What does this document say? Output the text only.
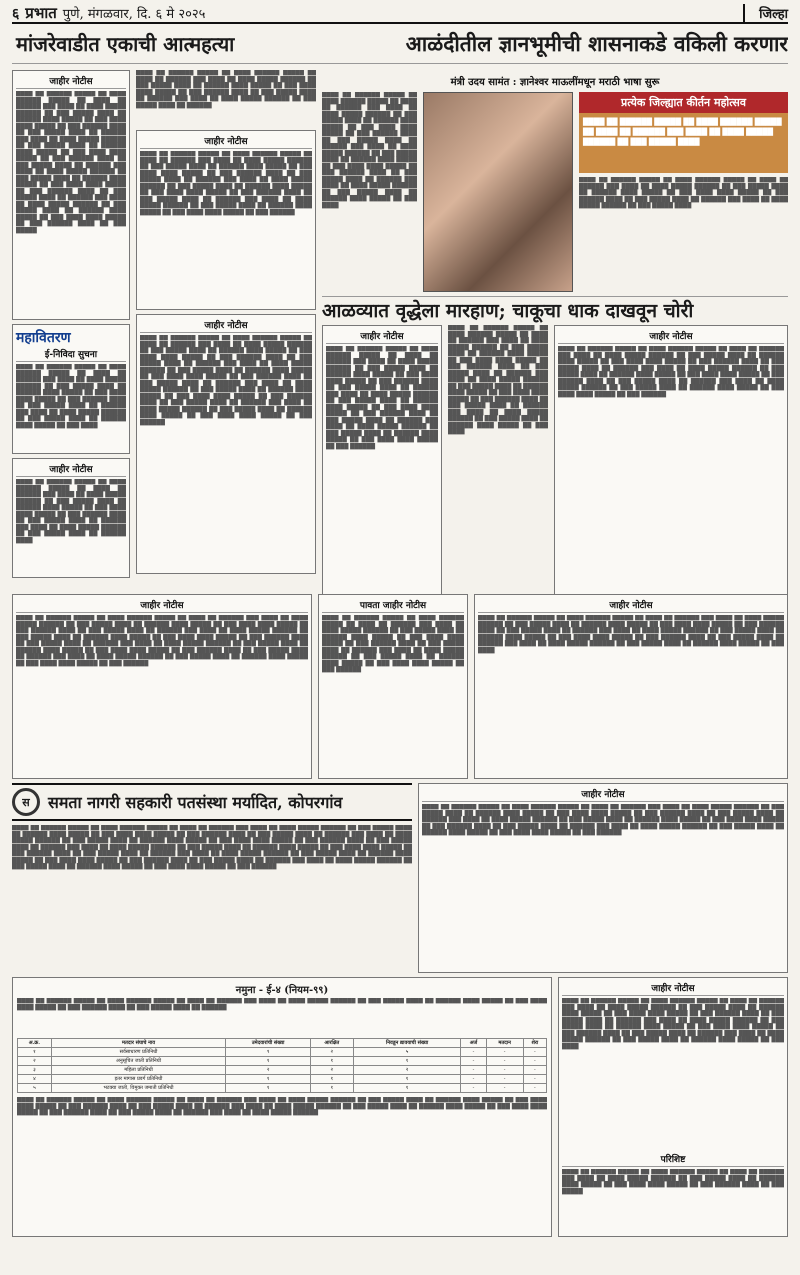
६ प्रभात पुणे, मंगळवार, दि. ६ मे २०२५	जिल्हा
मांजरेवाडीत एकाची आत्महत्या	आळंदीतील ज्ञानभूमीची शासनाकडे वकिली करणार
जाहीर नोटीस
████ ██ ██████ █████ ██ ████ ██████ █████ ██ ████ ██ ██████ ███ ████ ██ ████ █████ ██████ ██ ███ █████ ████ ██ ██████ ████ █████ ██ ███ ████ ████ █████ ██ ███ ██████ ████ ██ ███ █████ ████ ██ ██████ ███ ████ ██ ████ █████ ██████ ██ ███ █████ ████ ██ ██████ ████ █████ ██ ███ ████ ████ █████ ██ ███ ██████ ████ ██ ███ █████ ████ ██ ██████ ███ ████ ██ ████ █████ ██████ ██ ███ █████ ████ ██ ██████ ████ █████ ██ ███ ████ ████ █████ ██ ███ ██████ ████ ██ ███ █████ ████ ██ ██████ ███ ████ ██ ████ █████ ██████ ██ ███ █████ ████ ██ ██████ ████ █████ ██ ███ ████ ████ █████ ██ ███ ██████ ████ ██ ███ █████
महावितरण
ई-निविदा सुचना
████ ██ ██████ █████ ██ ████ ██████ █████ ██ ████ ██ ██████ ███ ████ ██ ████ █████ ██████ ██ ███ █████ ████ ██ ██████ ████ █████ ██ ███ ████ ████ █████ ██ ███ ██████ ████ ██ ███ █████ ████ ██ ██████ ███ ████ ██ ████ █████ ██████ ██ ███ █████ ████ ██ ██████ ████ █████ ██ ███ ████
जाहीर नोटीस
████ ██ ██████ █████ ██ ████ ██████ █████ ██ ████ ██ ██████ ███ ████ ██ ████ █████ ██████ ██ ███ █████ ████ ██ ██████ ████ █████ ██ ███ ████ ████ █████ ██ ███ ██████ ████ ██ ███ █████ ████ ██ ██████ ███ ████ ██ ████ █████ ██████ ██ ███ █████ ████ ██ ██████ ████
████ ██ ██████ █████ ██ ████ ██████ █████ ██ ████ ██ ██████ ███ ████ ██ ████ █████ ██████ ██ ███ █████ ████ ██ ██████ ████ █████ ██ ███ ████ ████ █████ ██ ███ ██████ ████ ██ ███ █████ ████ ██ ██████ ███ ████ ██ ████ █████ ██████ ██ ███ █████ ████ ██ ██████
जाहीर नोटीस
████ ██ ██████ █████ ██ ████ ██████ █████ ██ ████ ██ ██████ ███ ████ ██ ████ █████ ██████ ██ ███ █████ ████ ██ ██████ ████ █████ ██ ███ ████ ████ █████ ██ ███ ██████ ████ ██ ███ █████ ████ ██ ██████ ███ ████ ██ ████ █████ ██████ ██ ███ █████ ████ ██ ██████ ████ █████ ██ ███ ████ ████ █████ ██ ███ ██████ ████ ██ ███ █████ ████ ██ ██████ ███ ████ ██ ████ █████ ██████ ██ ███ █████ ████ ██ ██████ ████ █████ ██ ███ ████ ████ █████ ██ ███ ██████
जाहीर नोटीस
████ ██ ██████ █████ ██ ████ ██████ █████ ██ ████ ██ ██████ ███ ████ ██ ████ █████ ██████ ██ ███ █████ ████ ██ ██████ ████ █████ ██ ███ ████ ████ █████ ██ ███ ██████ ████ ██ ███ █████ ████ ██ ██████ ███ ████ ██ ████ █████ ██████ ██ ███ █████ ████ ██ ██████ ████ █████ ██ ███ ████ ████ █████ ██ ███ ██████ ████ ██ ███ █████ ████ ██ ██████ ███ ████ ██ ████ █████ ██████ ██ ███ █████ ████ ██ ██████ ████ █████ ██ ███ ████ ████ █████ ██ ███ ██████ ████ ██ ███ █████ ████ ██ ██████ ███ ████ ██ ████ █████ ██████ ██ ███ █████ ████ ██ ██████ ████ █████ ██ ███ ████ ████ █████ ██ ███ ██████
मंत्री उदय सामंत : ज्ञानेश्वर माऊलींमधून मराठी भाषा सुरू
████ ██ ██████ █████ ██ ████ ██████ █████ ██ ████ ██ ██████ ███ ████ ██ ████ █████ ██████ ██ ███ █████ ████ ██ ██████ ████ █████ ██ ███ ████ ████ █████ ██ ███ ██████ ████ ██ ███ █████ ████ ██ ██████ ███ ████ ██ ████ █████ ██████ ██ ███ █████ ████ ██ ██████ ████ █████ ██ ███ ████ ████ █████ ██ ███ ██████ ████ ██ ███ █████ ████ ██ ██████ ███ ████ ██ ████ █████ ██████ ██ ███ █████ ████ ██ ██████ ████ █████ ██ ███ ████
प्रत्येक जिल्ह्यात कीर्तन महोत्सव
████ ██ ██████ █████ ██ ████ ██████ █████ ██ ████ ██ ██████ ███ ████ ██ ████ █████ ██████ ██ ███ █████ ████
████ ██ ██████ █████ ██ ████ ██████ █████ ██ ████ ██ ██████ ███ ████ ██ ████ █████ ██████ ██ ███ █████ ████ ██ ██████ ████ █████ ██ ███ ████ ████ █████ ██ ███ ██████ ████ ██ ███ █████ ████ ██ ██████ ███ ████ ██ ████ █████ ██████ ██ ███ █████ ████
आळव्यात वृद्धेला मारहाण; चाकूचा धाक दाखवून चोरी
जाहीर नोटीस
████ ██ ██████ █████ ██ ████ ██████ █████ ██ ████ ██ ██████ ███ ████ ██ ████ █████ ██████ ██ ███ █████ ████ ██ ██████ ████ █████ ██ ███ ████ ████ █████ ██ ███ ██████ ████ ██ ███ █████ ████ ██ ██████ ███ ████ ██ ████ █████ ██████ ██ ███ █████ ████ ██ ██████ ████ █████ ██ ███ ████ ████ █████ ██ ███ ██████ ████ ██ ███ █████ ████ ██ ██████ ███ ████ ██ ████ █████ ██████ ██ ███ █████ ████ ██ ██████ ████ █████ ██ ███ ████ ████ █████ ██ ███ ██████
████ ██ ██████ █████ ██ ████ ██████ █████ ██ ████ ██ ██████ ███ ████ ██ ████ █████ ██████ ██ ███ █████ ████ ██ ██████ ████ █████ ██ ███ ████ ████ █████ ██ ███ ██████ ████ ██ ███ █████ ████ ██ ██████ ███ ████ ██ ████ █████ ██████ ██ ███ █████ ████ ██ ██████ ████ █████ ██ ███ ████ ████ █████ ██ ███ ██████ ████ ██ ███ █████ ████ ██ ██████ ███ ████ ██ ████ █████ ██████ ██ ███ █████ ████ ██ ██████ ████ █████ ██ ███ ████
जाहीर नोटीस
████ ██ ██████ █████ ██ ████ ██████ █████ ██ ████ ██ ██████ ███ ████ ██ ████ █████ ██████ ██ ███ █████ ████ ██ ██████ ████ █████ ██ ███ ████ ████ █████ ██ ███ ██████ ████ ██ ███ █████ ████ ██ ██████ ███ ████ ██ ████ █████ ██████ ██ ███ █████ ████ ██ ██████ ████ █████ ██ ███ ████ ████ █████ ██ ███ ██████ ████ ██ ███ █████ ████ ██ ██████ ███ ████ ██ ████ █████ ██████ ██ ███ █████ ████ ██ ██████ ████ █████ ██ ███ ████ ████ █████ ██ ███ ██████
जाहीर नोटीस
████ ██ ██████ █████ ██ ████ ██████ █████ ██ ████ ██ ██████ ███ ████ ██ ████ █████ ██████ ██ ███ █████ ████ ██ ██████ ████ █████ ██ ███ ████ ████ █████ ██ ███ ██████ ████ ██ ███ █████ ████ ██ ██████ ███ ████ ██ ████ █████ ██████ ██ ███ █████ ████ ██ ██████ ████ █████ ██ ███ ████ ████ █████ ██ ███ ██████ ████ ██ ███ █████ ████ ██ ██████ ███ ████ ██ ████ █████ ██████ ██ ███ █████ ████ ██ ██████ ████ █████ ██ ███ ████ ████ █████ ██ ███ ██████ ████ ██ ███ █████ ████ ██ ██████ ███ ████ ██ ████ █████ ██████ ██ ███ █████ ████ ██ ██████ ████ █████ ██ ███ ████ ████ █████ ██ ███ ██████
पावता जाहीर नोटीस
████ ██ ██████ █████ ██ ████ ██████ █████ ██ ████ ██ ██████ ███ ████ ██ ████ █████ ██████ ██ ███ █████ ████ ██ ██████ ████ █████ ██ ███ ████ ████ █████ ██ ███ ██████ ████ ██ ███ █████ ████ ██ ██████ ███ ████ ██ ████ █████ ██████ ██ ███ █████ ████ ██ ██████ ████ █████ ██ ███ ████ ████ █████ ██ ███ ██████
जाहीर नोटीस
████ ██ ██████ █████ ██ ████ ██████ █████ ██ ████ ██ ██████ ███ ████ ██ ████ █████ ██████ ██ ███ █████ ████ ██ ██████ ████ █████ ██ ███ ████ ████ █████ ██ ███ ██████ ████ ██ ███ █████ ████ ██ ██████ ███ ████ ██ ████ █████ ██████ ██ ███ █████ ████ ██ ██████ ████ █████ ██ ███ ████ ████ █████ ██ ███ ██████ ████ ██ ███ █████ ████ ██ ██████ ███ ████ ██ ████ █████ ██████ ██ ███ █████ ████ ██ ██████ ████ █████ ██ ███ ████
स	समता नागरी सहकारी पतसंस्था मर्यादित, कोपरगांव
████ ██ ██████ █████ ██ ████ ██████ █████ ██ ████ ██ ██████ ███ ████ ██ ████ █████ ██████ ██ ███ █████ ████ ██ ██████ ████ █████ ██ ███ ████ ████ █████ ██ ███ ██████ ████ ██ ███ █████ ████ ██ ██████ ███ ████ ██ ████ █████ ██████ ██ ███ █████ ████ ██ ██████ ████ █████ ██ ███ ████ ████ █████ ██ ███ ██████ ████ ██ ███ █████ ████ ██ ██████ ███ ████ ██ ████ █████ ██████ ██ ███ █████ ████ ██ ██████ ████ █████ ██ ███ ████ ████ █████ ██ ███ ██████ ████ ██ ███ █████ ████ ██ ██████ ███ ████ ██ ████ █████ ██████ ██ ███ █████ ████ ██ ██████ ████ █████ ██ ███ ████ ████ █████ ██ ███ ██████ ████ ██ ███ █████ ████ ██ ██████ ███ ████ ██ ████ █████ ██████ ██ ███ █████ ████ ██ ██████ ████ █████ ██ ███ ████ ████ █████ ██ ███ ██████
जाहीर नोटीस
████ ██ ██████ █████ ██ ████ ██████ █████ ██ ████ ██ ██████ ███ ████ ██ ████ █████ ██████ ██ ███ █████ ████ ██ ██████ ████ █████ ██ ███ ████ ████ █████ ██ ███ ██████ ████ ██ ███ █████ ████ ██ ██████ ███ ████ ██ ████ █████ ██████ ██ ███ █████ ████ ██ ██████ ████ █████ ██ ███ ████ ████ █████ ██ ███ ██████ ████ ██ ███ █████ ████ ██ ██████ ███ ████ ██ ████ █████ ██████ ██ ███ █████ ████ ██ ██████ ████ █████ ██ ███ ████ ████ █████ ██ ███ ██████
नमुना - ई-४ (नियम-९९)
████ ██ ██████ █████ ██ ████ ██████ █████ ██ ████ ██ ██████ ███ ████ ██ ████ █████ ██████ ██ ███ █████ ████ ██ ██████ ████ █████ ██ ███ ████ ████ █████ ██ ███ ██████ ████ ██ ███ █████ ████ ██ ██████
अ.क्र.	मतदार संघाचे नाव	उमेदवारांची संख्या	आरक्षित	निवडून द्यावयाची संख्या	अर्ज	मतदान	शेरा
१	सर्वसाधारण प्रतिनिधी	९	२	५	-	-	-
२	अनुसूचित जाती प्रतिनिधी	१	१	१	-	-	-
३	महिला प्रतिनिधी	२	२	२	-	-	-
४	इतर मागास प्रवर्ग प्रतिनिधी	१	१	१	-	-	-
५	भटक्या जाती, विमुक्त जमाती प्रतिनिधी	१	१	१	-	-	-
████ ██ ██████ █████ ██ ████ ██████ █████ ██ ████ ██ ██████ ███ ████ ██ ████ █████ ██████ ██ ███ █████ ████ ██ ██████ ████ █████ ██ ███ ████ ████ █████ ██ ███ ██████ ████ ██ ███ █████ ████ ██ ██████ ███ ████ ██ ████ █████ ██████ ██ ███ █████ ████ ██ ██████ ████ █████ ██ ███ ████ ████ █████ ██ ███ ██████ ████ ██ ███ █████ ████ ██ ██████ ███ ████ ██ ████ █████ ██████
जाहीर नोटीस
████ ██ ██████ █████ ██ ████ ██████ █████ ██ ████ ██ ██████ ███ ████ ██ ████ █████ ██████ ██ ███ █████ ████ ██ ██████ ████ █████ ██ ███ ████ ████ █████ ██ ███ ██████ ████ ██ ███ █████ ████ ██ ██████ ███ ████ ██ ████ █████ ██████ ██ ███ █████ ████ ██ ██████ ████ █████ ██ ███ ████ ████ █████ ██ ███ ██████ ████ ██ ███ █████ ████ ██ ██████ ███ ████ ██ ████ █████ ██████ ██ ███ █████ ████ ██ ██████ ████ █████ ██ ███ ████
परिशिष्ट
████ ██ ██████ █████ ██ ████ ██████ █████ ██ ████ ██ ██████ ███ ████ ██ ████ █████ ██████ ██ ███ █████ ████ ██ ██████ ████ █████ ██ ███ ████ ████ █████ ██ ███ ██████ ████ ██ ███ █████
